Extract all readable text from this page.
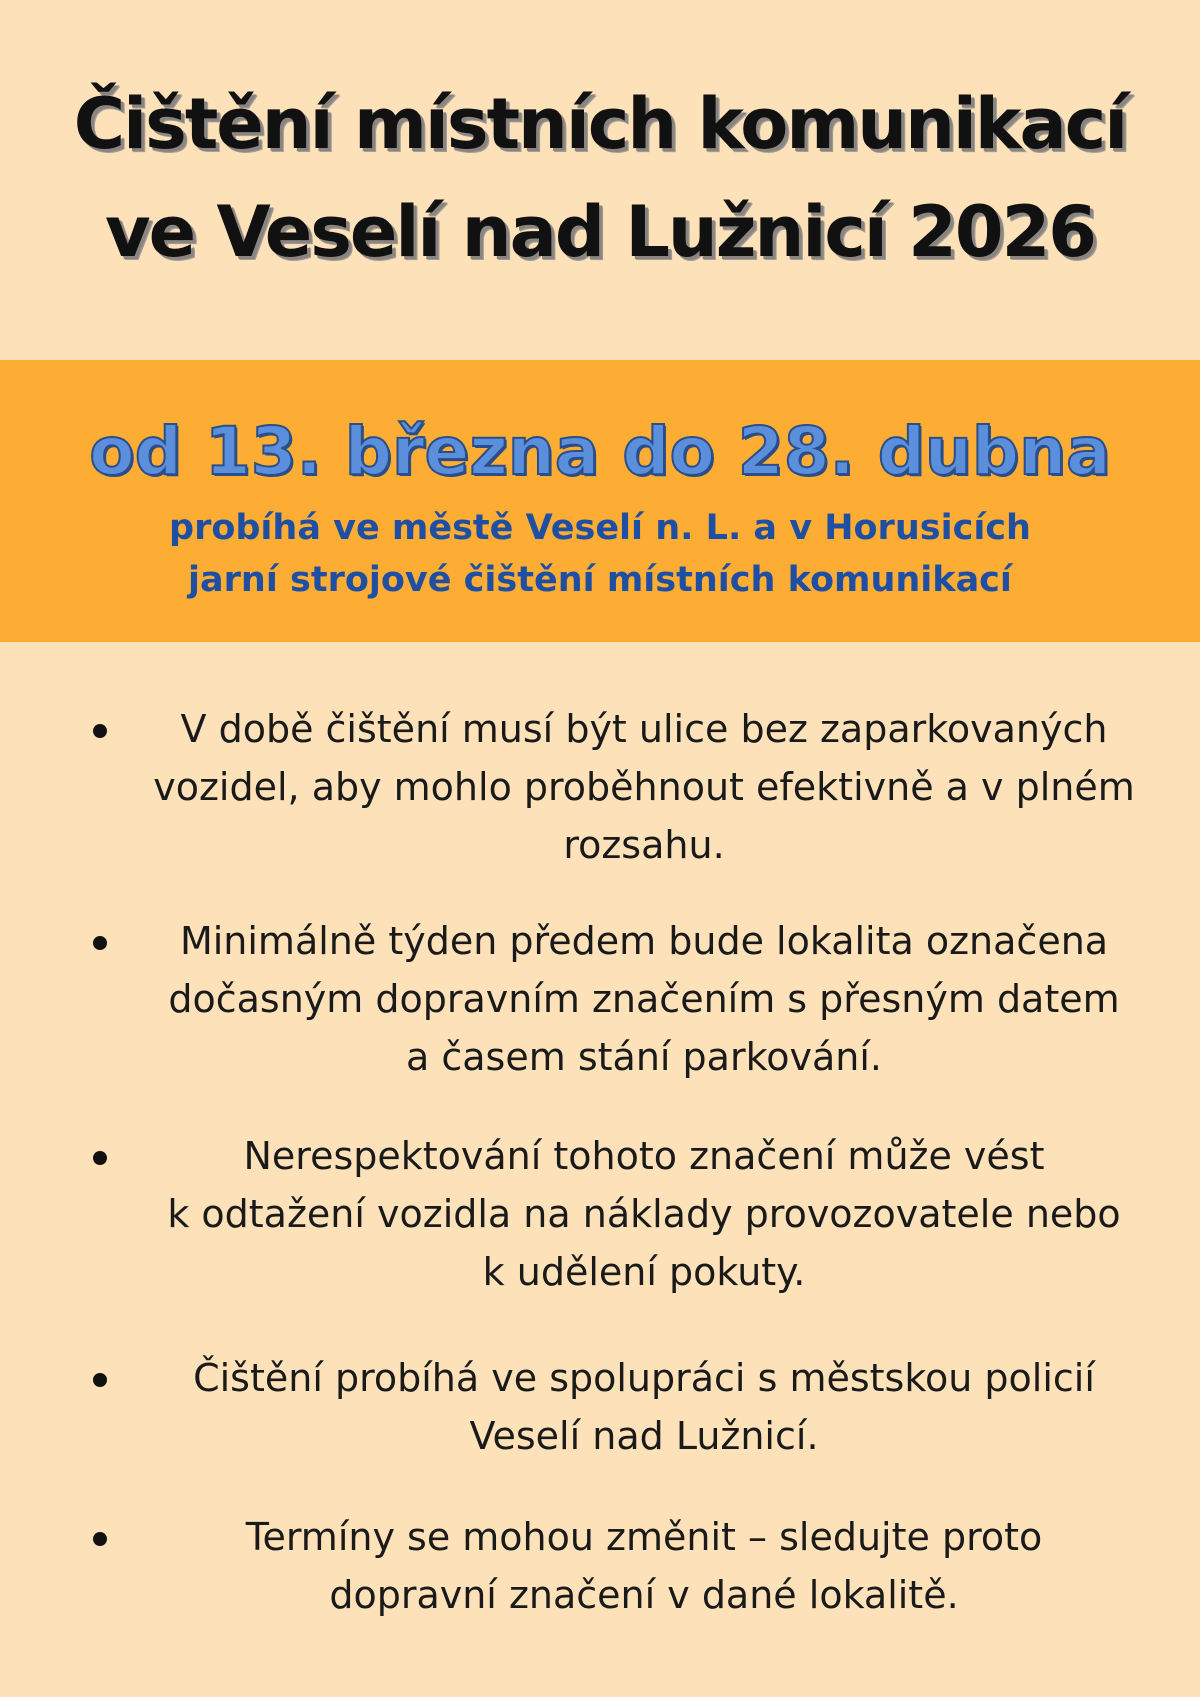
Čištění místních komunikací
ve Veselí nad Lužnicí 2026
od 13. března do 28. dubna
probíhá ve městě Veselí n. L. a v Horusicích
jarní strojové čištění místních komunikací
V době čištění musí být ulice bez zaparkovaných
vozidel, aby mohlo proběhnout efektivně a v plném
rozsahu.
Minimálně týden předem bude lokalita označena
dočasným dopravním značením s přesným datem
a časem stání parkování.
Nerespektování tohoto značení může vést
k odtažení vozidla na náklady provozovatele nebo
k udělení pokuty.
Čištění probíhá ve spolupráci s městskou policií
Veselí nad Lužnicí.
Termíny se mohou změnit – sledujte proto
dopravní značení v dané lokalitě.
